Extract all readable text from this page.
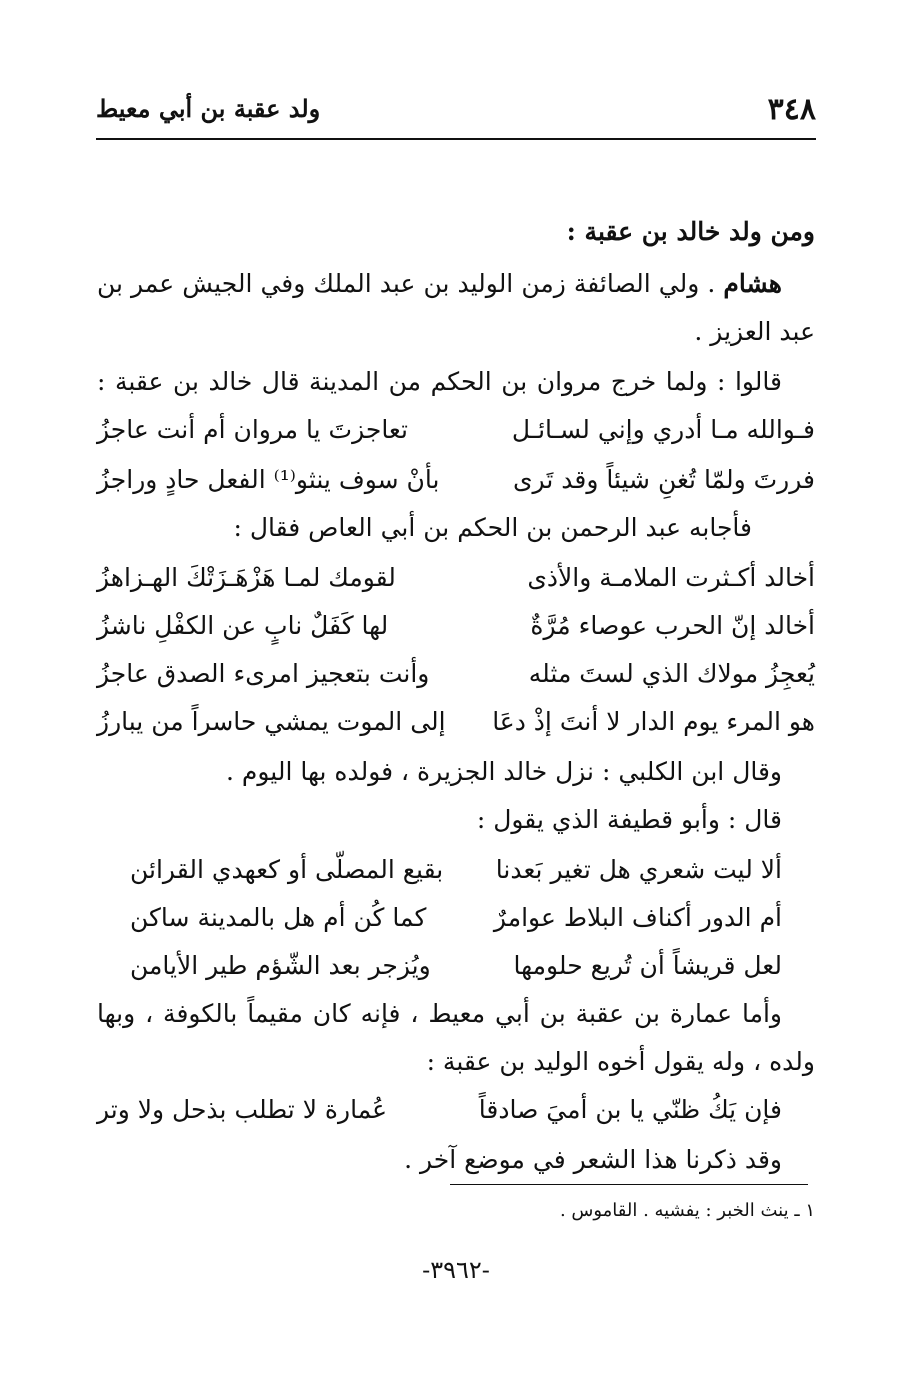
٣٤٨
ولد عقبة بن أبي معيط
ومن ولد خالد بن عقبة :
هشام . ولي الصائفة زمن الوليد بن عبد الملك وفي الجيش عمر بن
عبد العزيز .
قالوا : ولما خرج مروان بن الحكم من المدينة قال خالد بن عقبة :
فـوالله مـا أدري وإني لسـائـل
تعاجزتَ يا مروان أم أنت عاجزُ
فررتَ ولمّا تُغنِ شيئاً وقد تَرى
بأنْ سوف ينثو⁽¹⁾ الفعل حادٍ وراجزُ
فأجابه عبد الرحمن بن الحكم بن أبي العاص فقال :
أخالد أكـثرت الملامـة والأذى
لقومك لمـا هَزْهَـزَتْكَ الهـزاهزُ
أخالد إنّ الحرب عوصاء مُرَّةٌ
لها كَفَلٌ نابٍ عن الكفْلِ ناشزُ
يُعجِزُ مولاك الذي لستَ مثله
وأنت بتعجيز امرىء الصدق عاجزُ
هو المرء يوم الدار لا أنتَ إذْ دعَا
إلى الموت يمشي حاسراً من يبارزُ
وقال ابن الكلبي : نزل خالد الجزيرة ، فولده بها اليوم .
قال : وأبو قطيفة الذي يقول :
ألا ليت شعري هل تغير بَعدنا
بقيع المصلّى أو كعهدي القرائن
أم الدور أكناف البلاط عوامرٌ
كما كُن أم هل بالمدينة ساكن
لعل قريشاً أن تُريع حلومها
ويُزجر بعد الشّؤم طير الأيامن
وأما عمارة بن عقبة بن أبي معيط ، فإنه كان مقيماً بالكوفة ، وبها
ولده ، وله يقول أخوه الوليد بن عقبة :
فإن يَكُ ظنّي يا بن أميَ صادقاً
عُمارة لا تطلب بذحل ولا وتر
وقد ذكرنا هذا الشعر في موضع آخر .
١ ـ ينث الخبر : يفشيه . القاموس .
-٣٩٦٢-
